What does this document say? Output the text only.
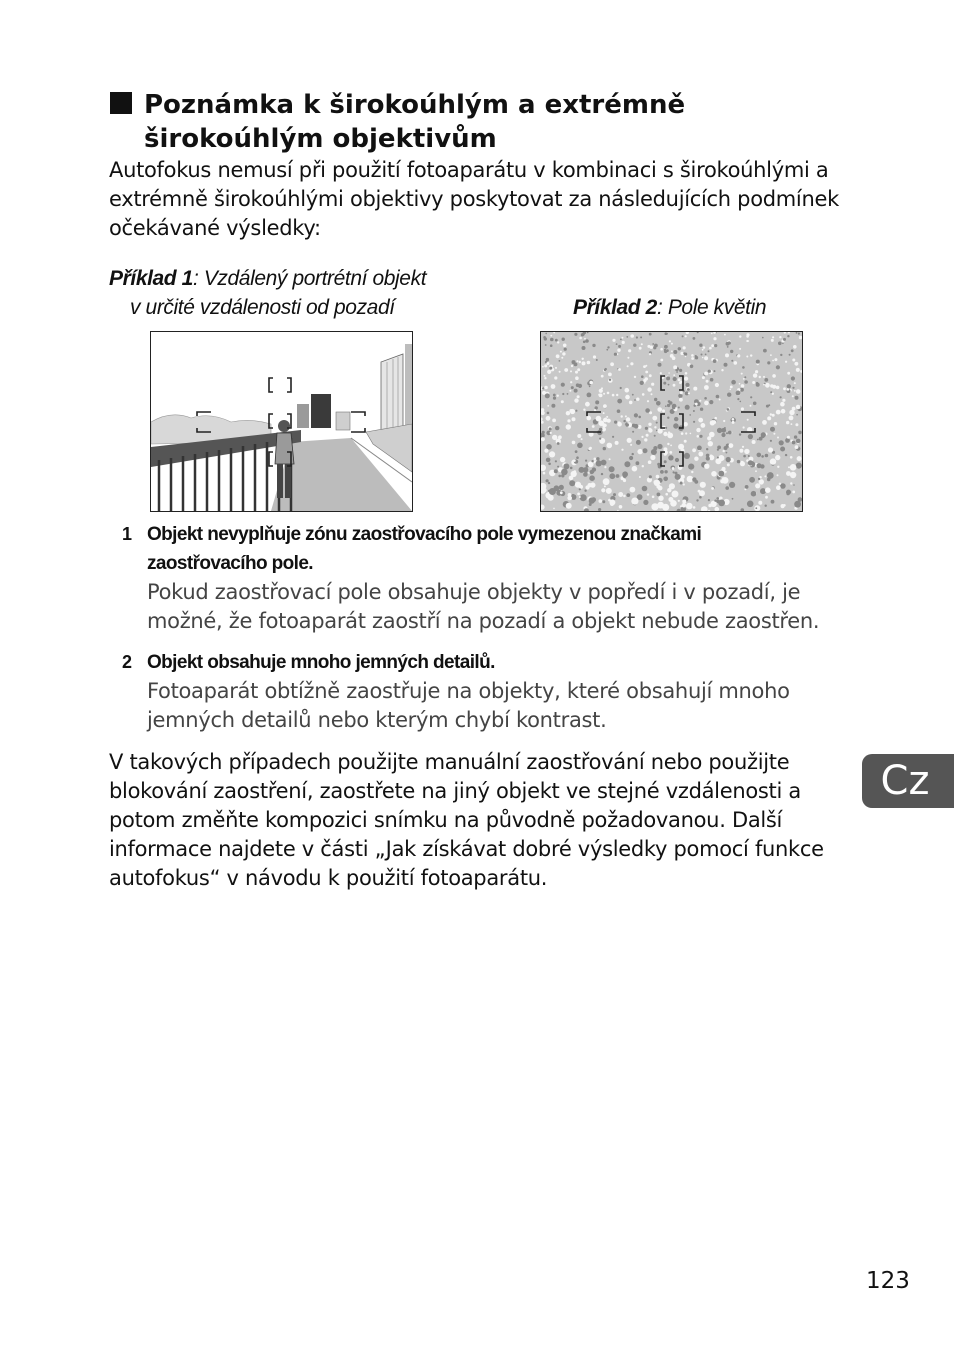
Poznámka k širokoúhlým a extrémně širokoúhlým objektivům
Autofokus nemusí při použití fotoaparátu v kombinaci s širokoúhlými a extrémně širokoúhlými objektivy poskytovat za následujících podmínek očekávané výsledky:
Příklad 1: Vzdálený portrétní objekt
v určité vzdálenosti od pozadí	Příklad 2: Pole květin
1 Objekt nevyplňuje zónu zaostřovacího pole vymezenou značkami zaostřovacího pole.
Pokud zaostřovací pole obsahuje objekty v popředí i v pozadí, je možné, že fotoaparát zaostří na pozadí a objekt nebude zaostřen.
2 Objekt obsahuje mnoho jemných detailů.
Fotoaparát obtížně zaostřuje na objekty, které obsahují mnoho jemných detailů nebo kterým chybí kontrast.
V takových případech použijte manuální zaostřování nebo použijte blokování zaostření, zaostřete na jiný objekt ve stejné vzdálenosti a potom změňte kompozici snímku na původně požadovanou. Další informace najdete v části „Jak získávat dobré výsledky pomocí funkce autofokus“ v návodu k použití fotoaparátu.
Cz
123
